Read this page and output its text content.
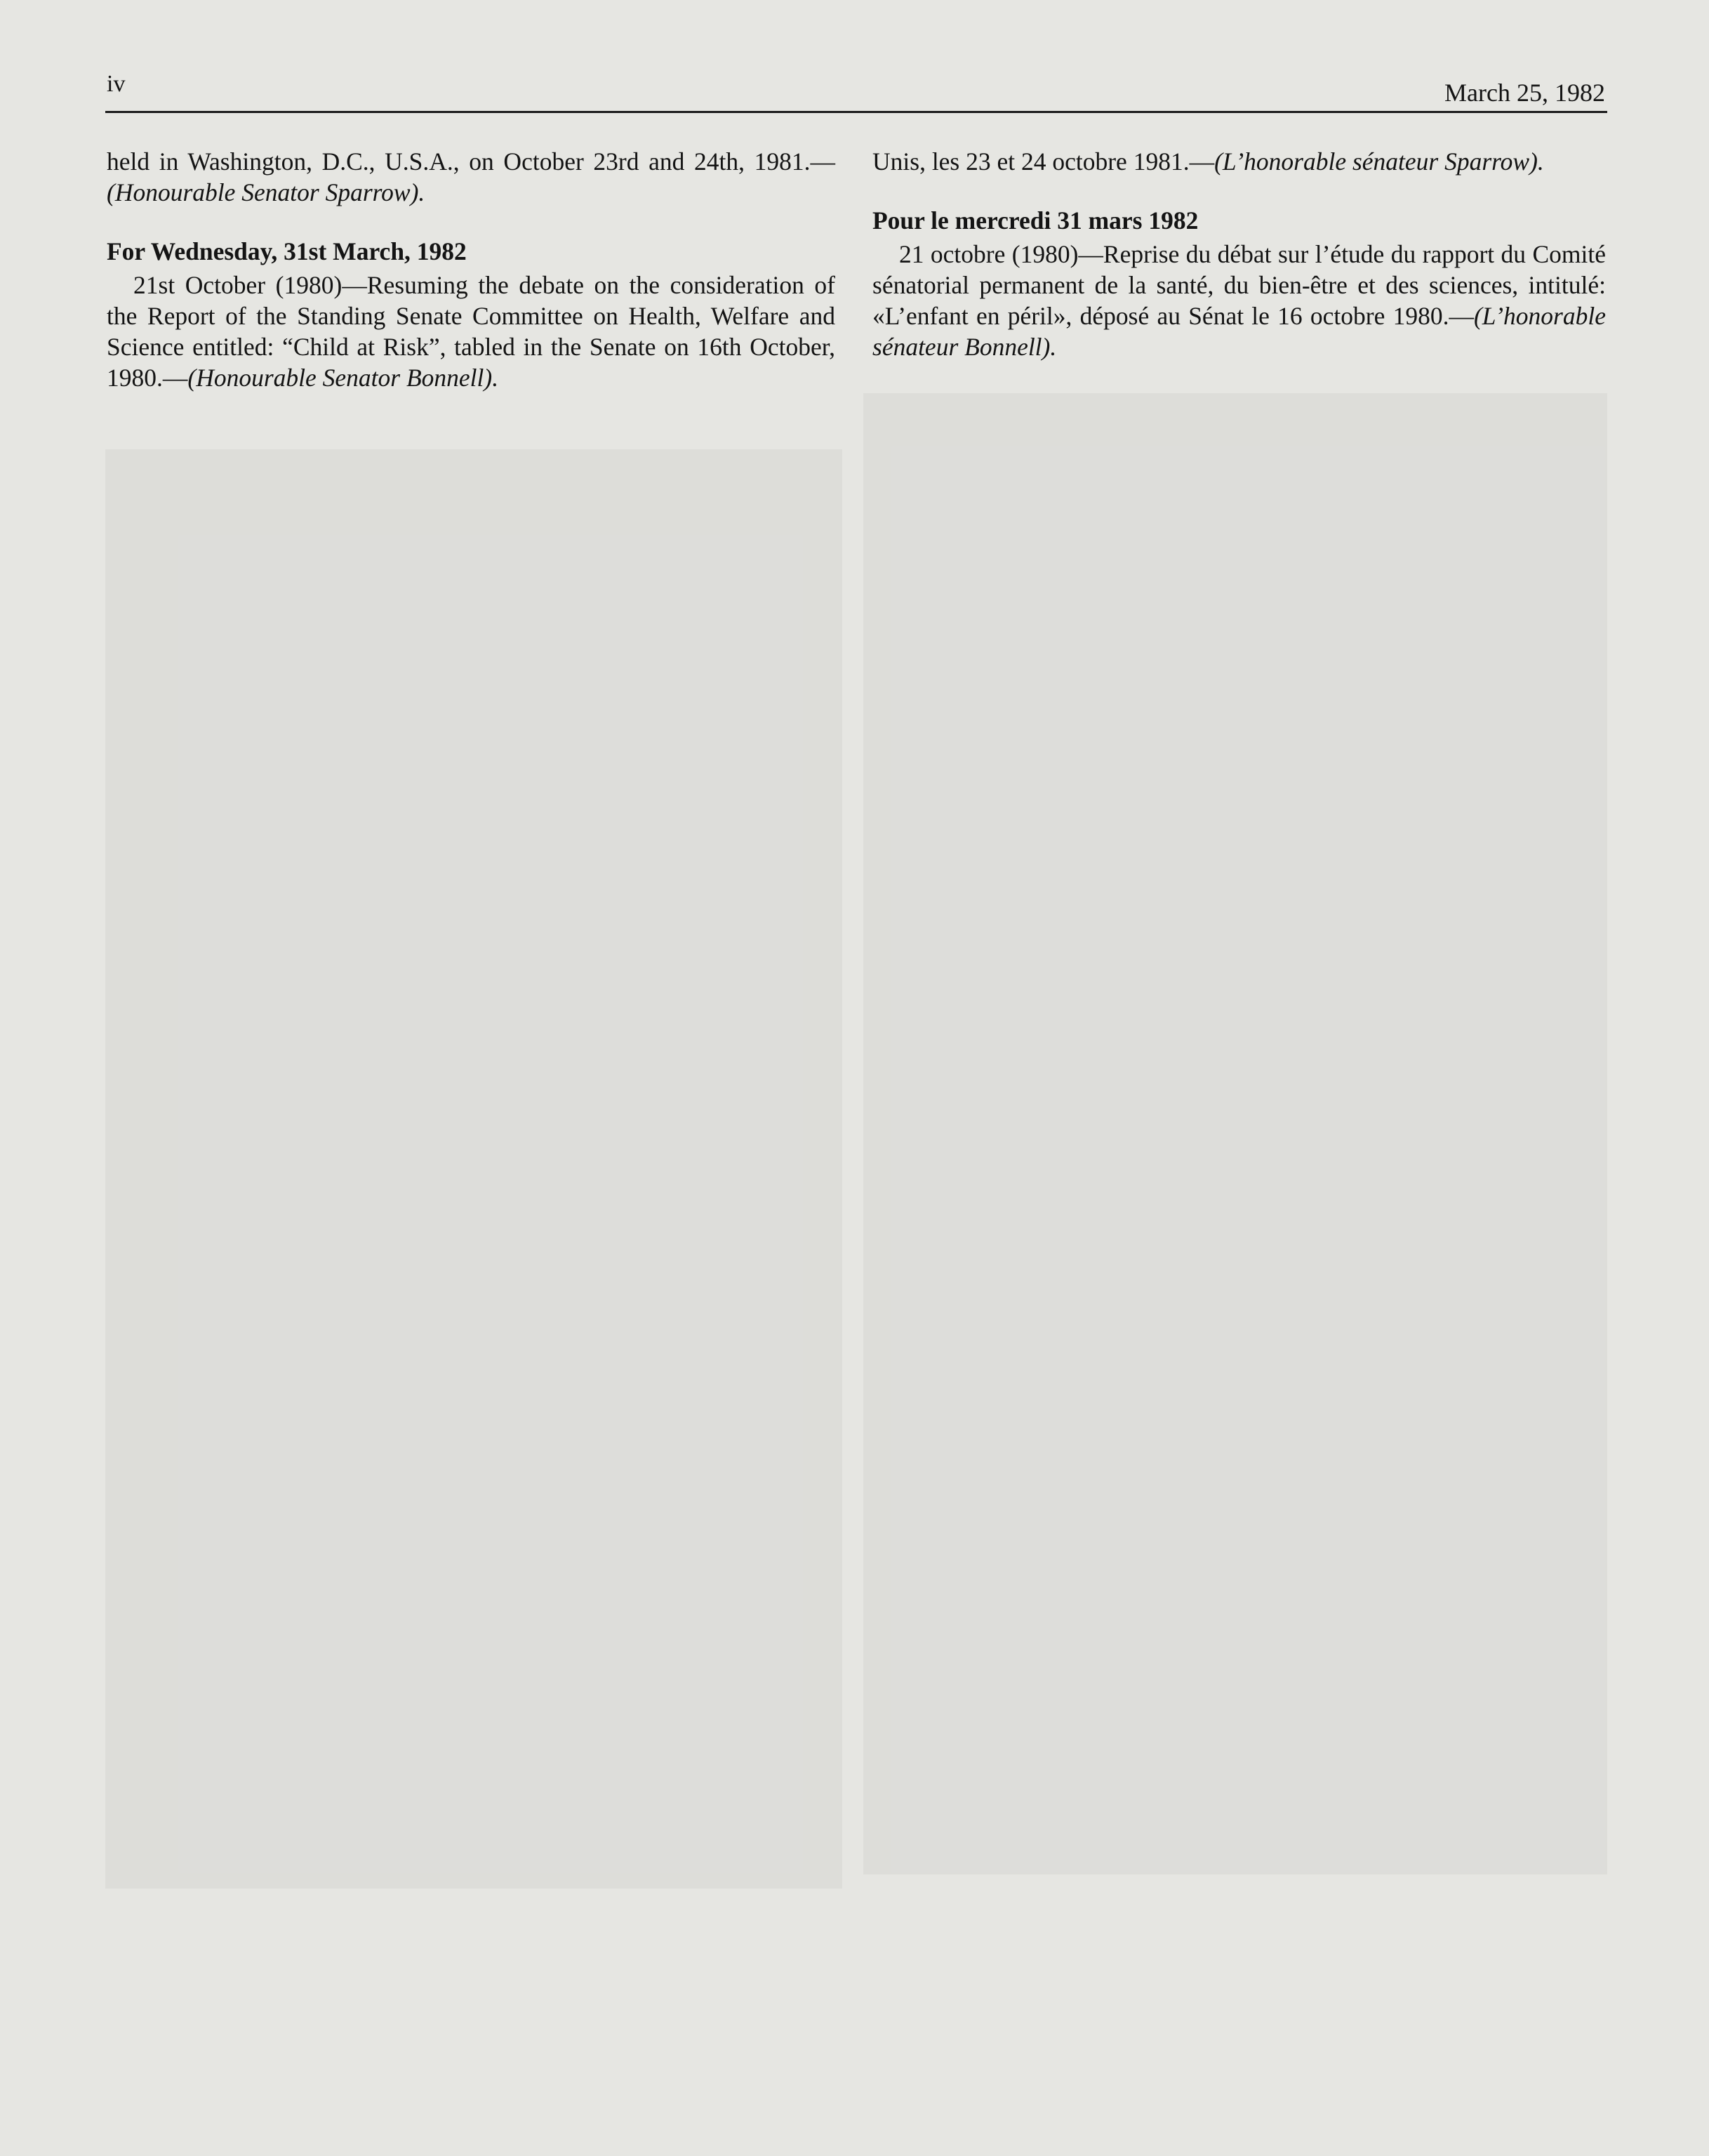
iv	March 25, 1982

held in Washington, D.C., U.S.A., on October 23rd and 24th, 1981.—(Honourable Senator Sparrow).

For Wednesday, 31st March, 1982

21st October (1980)—Resuming the debate on the consideration of the Report of the Standing Senate Committee on Health, Welfare and Science entitled: “Child at Risk”, tabled in the Senate on 16th October, 1980.—(Honourable Senator Bonnell).

Unis, les 23 et 24 octobre 1981.—(L’honorable sénateur Sparrow).

Pour le mercredi 31 mars 1982

21 octobre (1980)—Reprise du débat sur l’étude du rapport du Comité sénatorial permanent de la santé, du bien-être et des sciences, intitulé: «L’enfant en péril», déposé au Sénat le 16 octobre 1980.—(L’honorable sénateur Bonnell).
